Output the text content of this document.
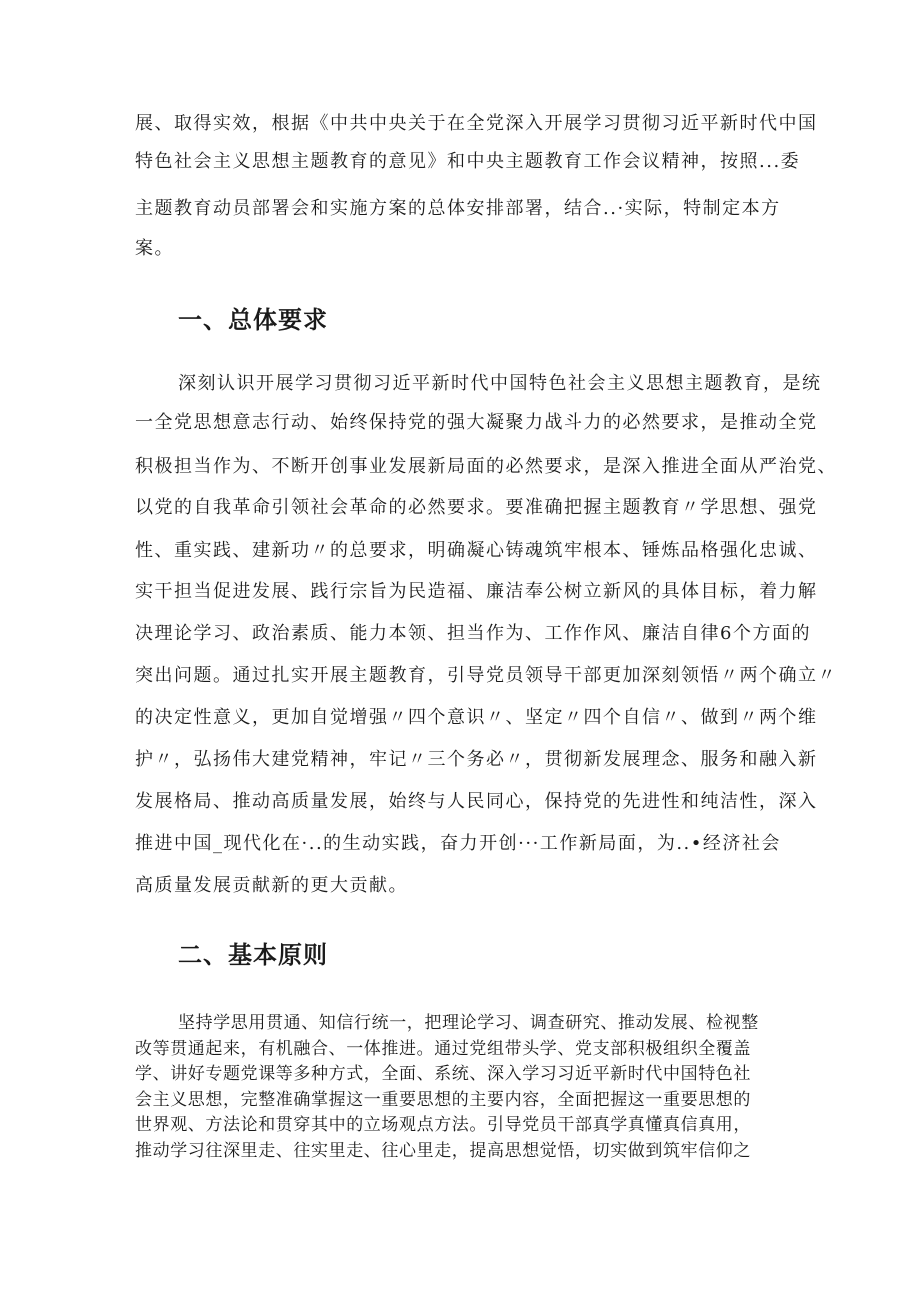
展、取得实效，根据《中共中央关于在全党深入开展学习贯彻习近平新时代中国
特色社会主义思想主题教育的意见》和中央主题教育工作会议精神，按照...委
主题教育动员部署会和实施方案的总体安排部署，结合..·实际，特制定本方
案。
一、总体要求
深刻认识开展学习贯彻习近平新时代中国特色社会主义思想主题教育，是统
一全党思想意志行动、始终保持党的强大凝聚力战斗力的必然要求，是推动全党
积极担当作为、不断开创事业发展新局面的必然要求，是深入推进全面从严治党、
以党的自我革命引领社会革命的必然要求。要准确把握主题教育〃学思想、强党
性、重实践、建新功〃的总要求，明确凝心铸魂筑牢根本、锤炼品格强化忠诚、
实干担当促进发展、践行宗旨为民造福、廉洁奉公树立新风的具体目标，着力解
决理论学习、政治素质、能力本领、担当作为、工作作风、廉洁自律6个方面的
突出问题。通过扎实开展主题教育，引导党员领导干部更加深刻领悟〃两个确立〃
的决定性意义，更加自觉增强〃四个意识〃、坚定〃四个自信〃、做到〃两个维
护〃，弘扬伟大建党精神，牢记〃三个务必〃，贯彻新发展理念、服务和融入新
发展格局、推动高质量发展，始终与人民同心，保持党的先进性和纯洁性，深入
推进中国_现代化在·..的生动实践，奋力开创···工作新局面，为..•经济社会
高质量发展贡献新的更大贡献。
二、基本原则
坚持学思用贯通、知信行统一，把理论学习、调查研究、推动发展、检视整
改等贯通起来，有机融合、一体推进。通过党组带头学、党支部积极组织全覆盖
学、讲好专题党课等多种方式，全面、系统、深入学习习近平新时代中国特色社
会主义思想，完整准确掌握这一重要思想的主要内容，全面把握这一重要思想的
世界观、方法论和贯穿其中的立场观点方法。引导党员干部真学真懂真信真用，
推动学习往深里走、往实里走、往心里走，提高思想觉悟，切实做到筑牢信仰之
